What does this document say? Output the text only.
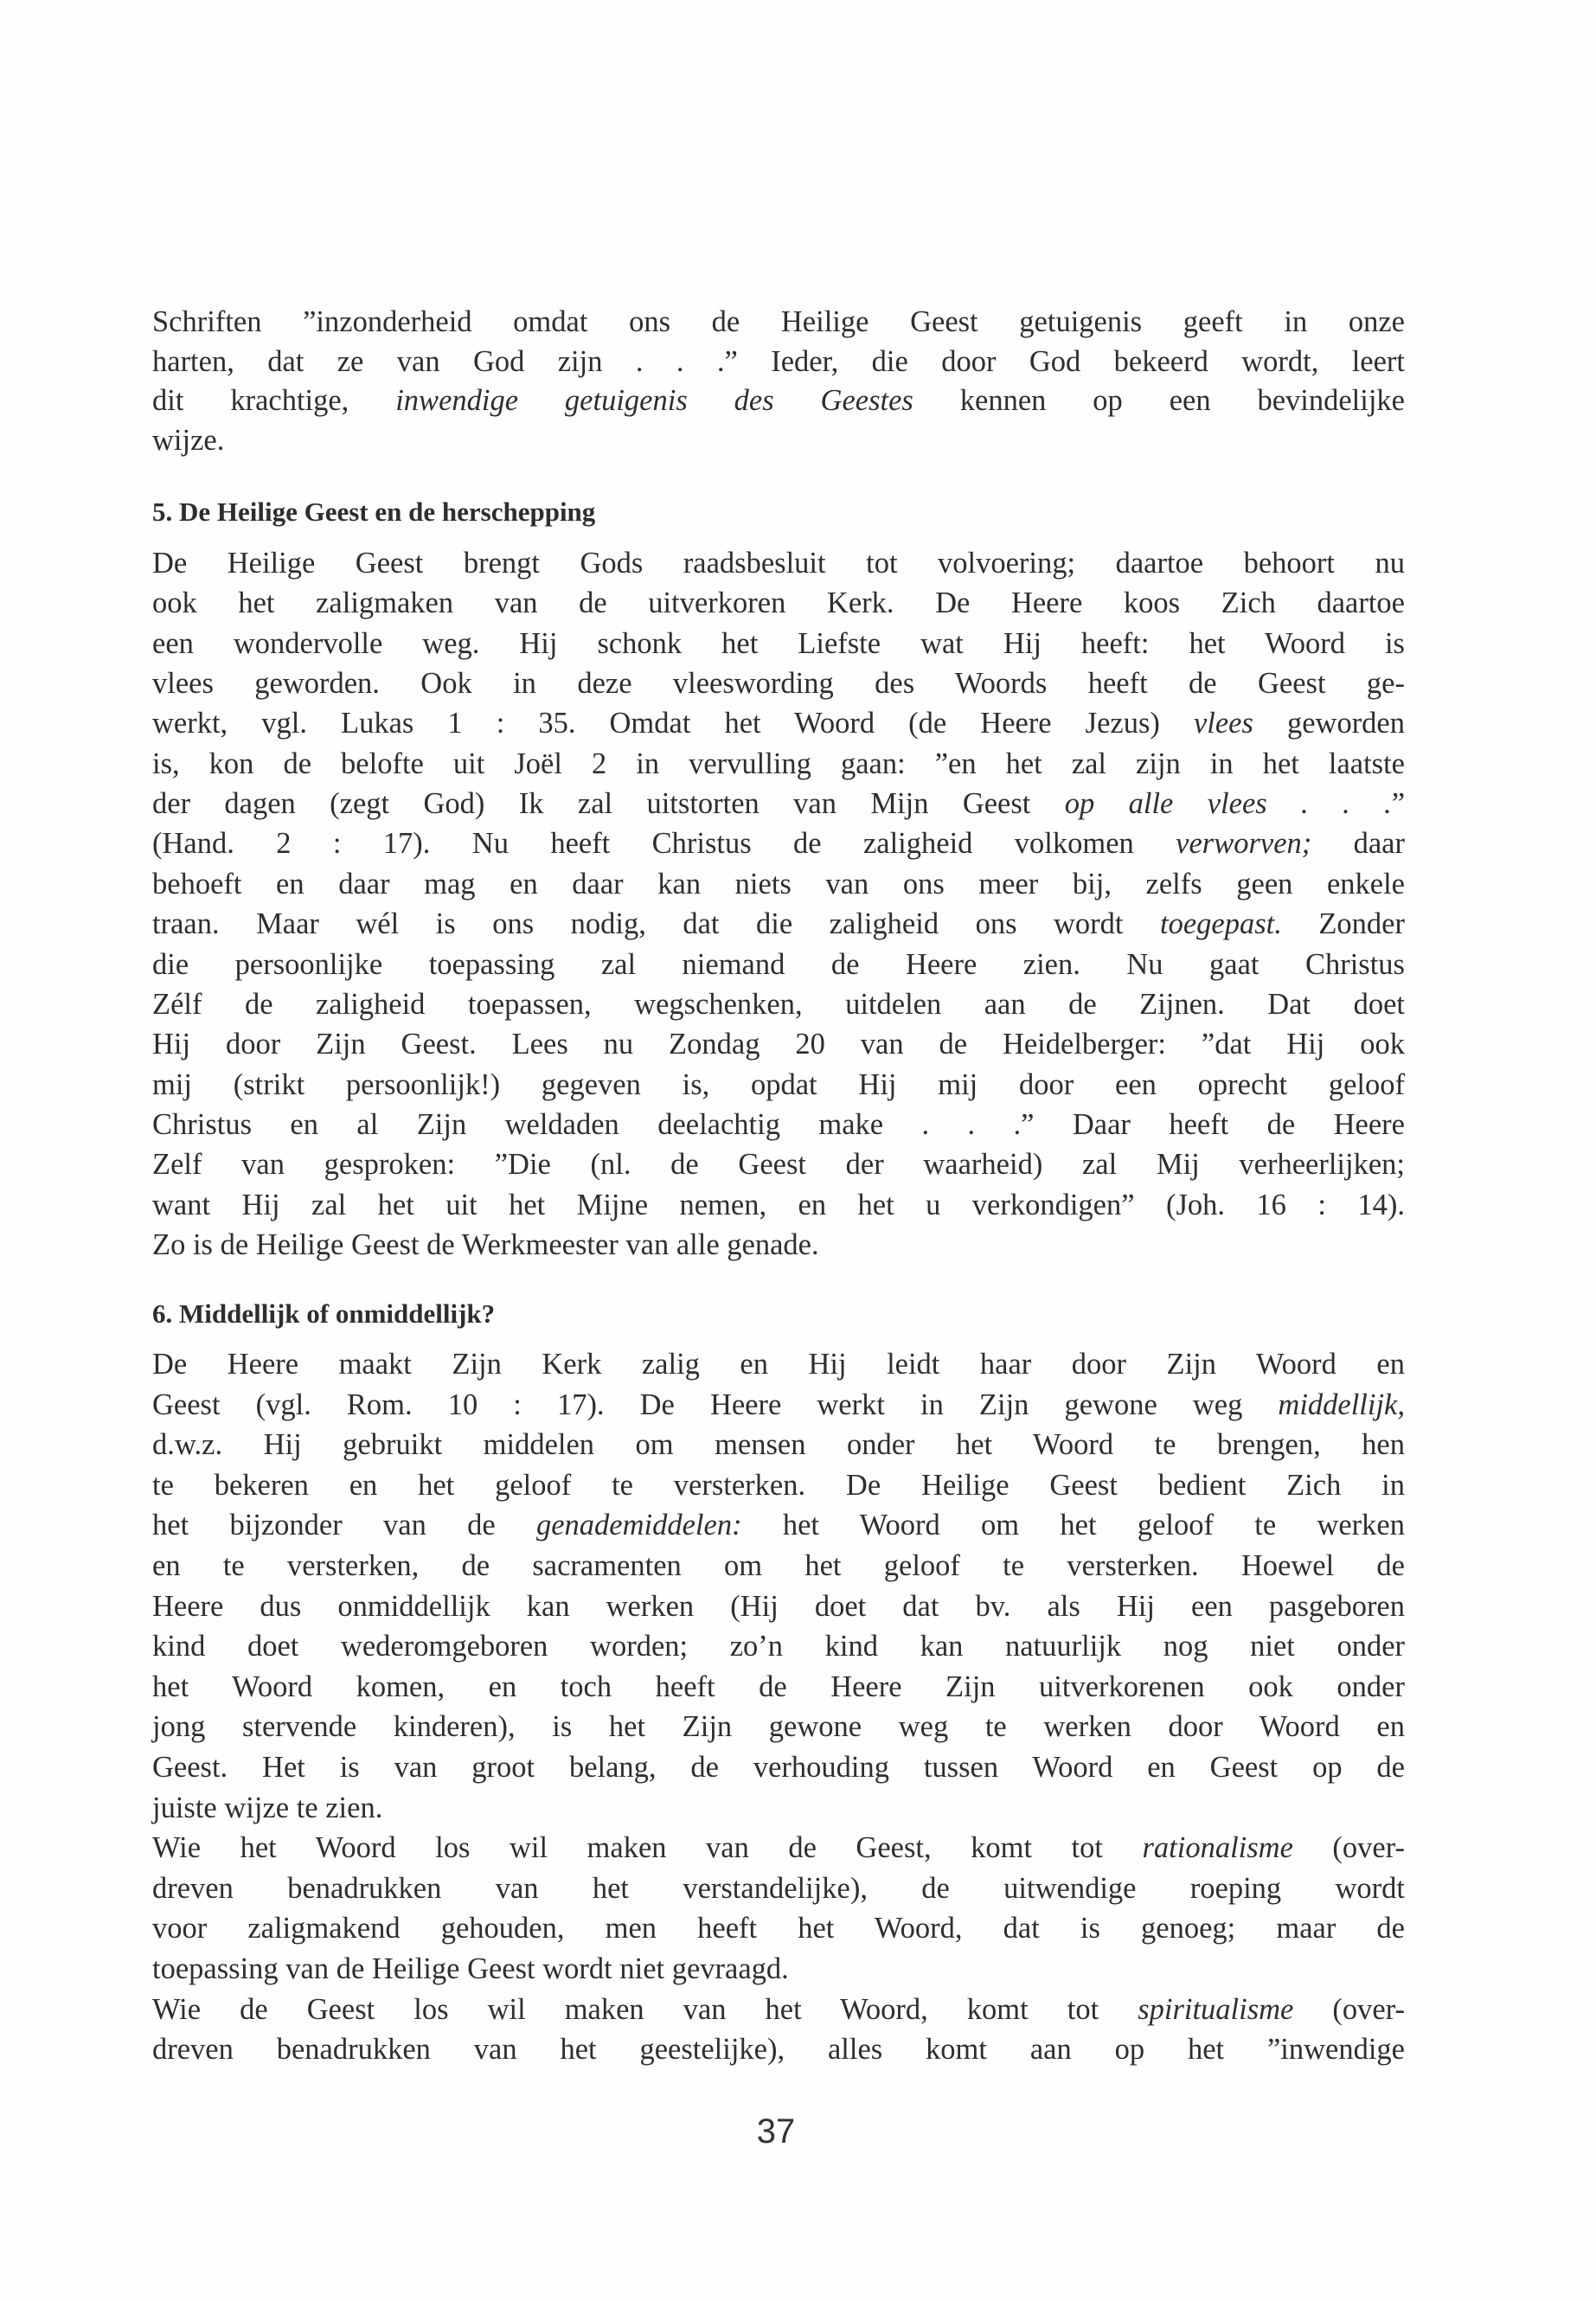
Schriften ”inzonderheid omdat ons de Heilige Geest getuigenis geeft in onze
harten, dat ze van God zijn . . .” Ieder, die door God bekeerd wordt, leert
dit krachtige, inwendige getuigenis des Geestes kennen op een bevindelijke
wijze.
5. De Heilige Geest en de herschepping
De Heilige Geest brengt Gods raadsbesluit tot volvoering; daartoe behoort nu
ook het zaligmaken van de uitverkoren Kerk. De Heere koos Zich daartoe
een wondervolle weg. Hij schonk het Liefste wat Hij heeft: het Woord is
vlees geworden. Ook in deze vleeswording des Woords heeft de Geest ge-
werkt, vgl. Lukas 1 : 35. Omdat het Woord (de Heere Jezus) vlees geworden
is, kon de belofte uit Joël 2 in vervulling gaan: ”en het zal zijn in het laatste
der dagen (zegt God) Ik zal uitstorten van Mijn Geest op alle vlees . . .”
(Hand. 2 : 17). Nu heeft Christus de zaligheid volkomen verworven; daar
behoeft en daar mag en daar kan niets van ons meer bij, zelfs geen enkele
traan. Maar wél is ons nodig, dat die zaligheid ons wordt toegepast. Zonder
die persoonlijke toepassing zal niemand de Heere zien. Nu gaat Christus
Zélf de zaligheid toepassen, wegschenken, uitdelen aan de Zijnen. Dat doet
Hij door Zijn Geest. Lees nu Zondag 20 van de Heidelberger: ”dat Hij ook
mij (strikt persoonlijk!) gegeven is, opdat Hij mij door een oprecht geloof
Christus en al Zijn weldaden deelachtig make . . .” Daar heeft de Heere
Zelf van gesproken: ”Die (nl. de Geest der waarheid) zal Mij verheerlijken;
want Hij zal het uit het Mijne nemen, en het u verkondigen” (Joh. 16 : 14).
Zo is de Heilige Geest de Werkmeester van alle genade.
6. Middellijk of onmiddellijk?
De Heere maakt Zijn Kerk zalig en Hij leidt haar door Zijn Woord en
Geest (vgl. Rom. 10 : 17). De Heere werkt in Zijn gewone weg middellijk,
d.w.z. Hij gebruikt middelen om mensen onder het Woord te brengen, hen
te bekeren en het geloof te versterken. De Heilige Geest bedient Zich in
het bijzonder van de genademiddelen: het Woord om het geloof te werken
en te versterken, de sacramenten om het geloof te versterken. Hoewel de
Heere dus onmiddellijk kan werken (Hij doet dat bv. als Hij een pasgeboren
kind doet wederomgeboren worden; zo’n kind kan natuurlijk nog niet onder
het Woord komen, en toch heeft de Heere Zijn uitverkorenen ook onder
jong stervende kinderen), is het Zijn gewone weg te werken door Woord en
Geest. Het is van groot belang, de verhouding tussen Woord en Geest op de
juiste wijze te zien.
Wie het Woord los wil maken van de Geest, komt tot rationalisme (over-
dreven benadrukken van het verstandelijke), de uitwendige roeping wordt
voor zaligmakend gehouden, men heeft het Woord, dat is genoeg; maar de
toepassing van de Heilige Geest wordt niet gevraagd.
Wie de Geest los wil maken van het Woord, komt tot spiritualisme (over-
dreven benadrukken van het geestelijke), alles komt aan op het ”inwendige
37
